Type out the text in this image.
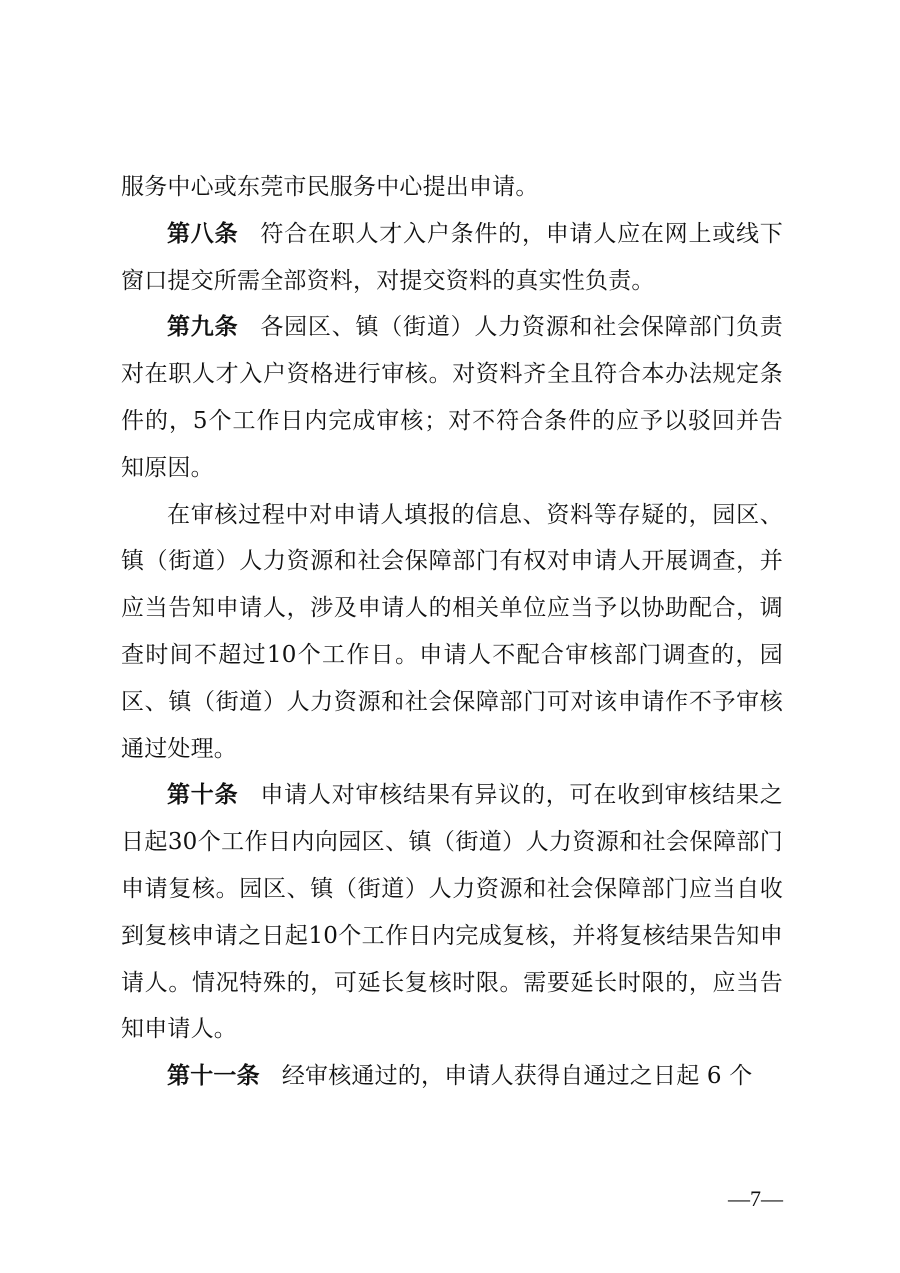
服务中心或东莞市民服务中心提出申请。

第八条 符合在职人才入户条件的，申请人应在网上或线下窗口提交所需全部资料，对提交资料的真实性负责。

第九条 各园区、镇（街道）人力资源和社会保障部门负责对在职人才入户资格进行审核。对资料齐全且符合本办法规定条件的，5个工作日内完成审核；对不符合条件的应予以驳回并告知原因。

在审核过程中对申请人填报的信息、资料等存疑的，园区、镇（街道）人力资源和社会保障部门有权对申请人开展调查，并应当告知申请人，涉及申请人的相关单位应当予以协助配合，调查时间不超过10个工作日。申请人不配合审核部门调查的，园区、镇（街道）人力资源和社会保障部门可对该申请作不予审核通过处理。

第十条 申请人对审核结果有异议的，可在收到审核结果之日起30个工作日内向园区、镇（街道）人力资源和社会保障部门申请复核。园区、镇（街道）人力资源和社会保障部门应当自收到复核申请之日起10个工作日内完成复核，并将复核结果告知申请人。情况特殊的，可延长复核时限。需要延长时限的，应当告知申请人。

第十一条 经审核通过的，申请人获得自通过之日起 6 个

—7—
